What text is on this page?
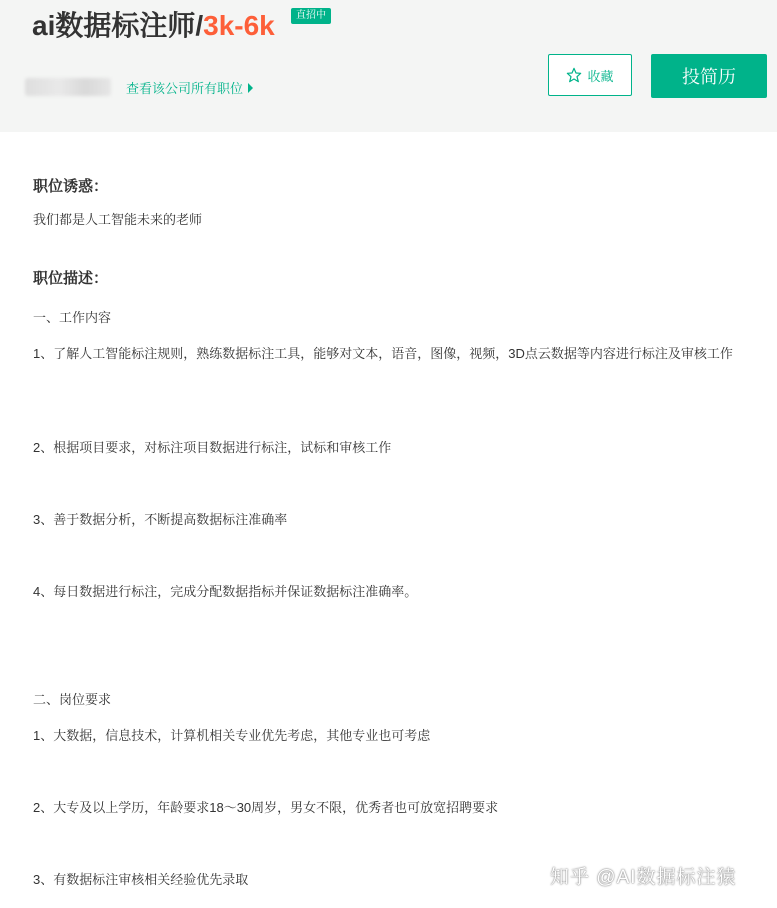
ai数据标注师/3k-6k	直招中
查看该公司所有职位
收藏	投简历
职位诱惑：
我们都是人工智能未来的老师
职位描述：
一、工作内容
1、了解人工智能标注规则，熟练数据标注工具，能够对文本，语音，图像，视频，3D点云数据等内容进行标注及审核工作
2、根据项目要求，对标注项目数据进行标注，试标和审核工作
3、善于数据分析，不断提高数据标注准确率
4、每日数据进行标注，完成分配数据指标并保证数据标注准确率。
二、岗位要求
1、大数据，信息技术，计算机相关专业优先考虑，其他专业也可考虑
2、大专及以上学历，年龄要求18～30周岁，男女不限，优秀者也可放宽招聘要求
3、有数据标注审核相关经验优先录取	知乎 @AI数据标注猿
